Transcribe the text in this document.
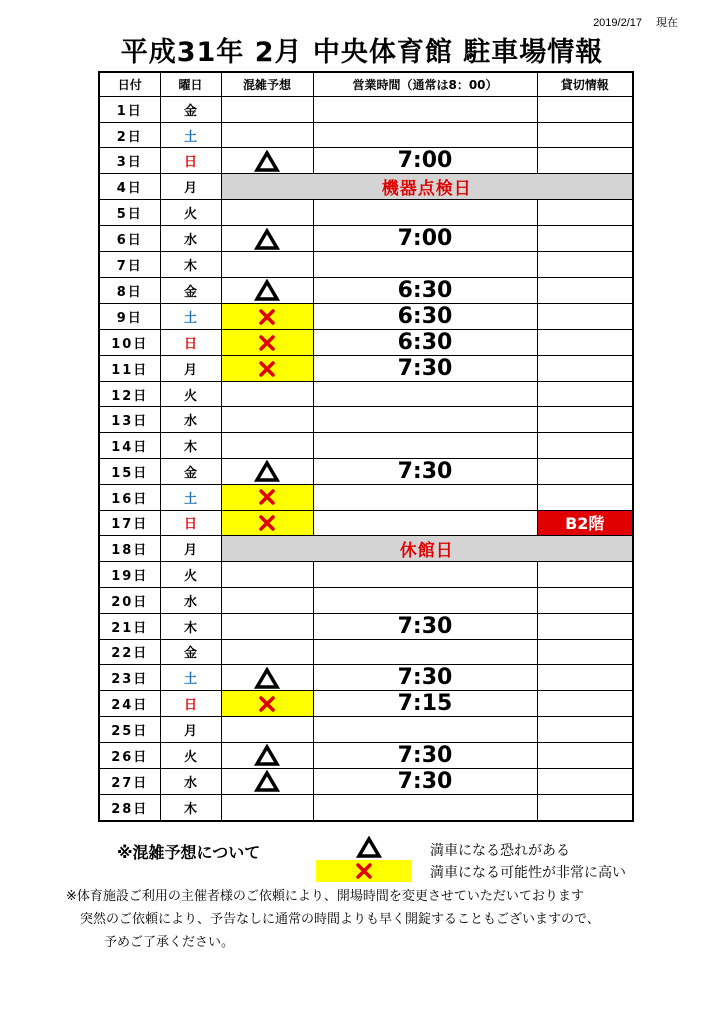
2019/2/17 現在
平成31年 2月 中央体育館 駐車場情報
日付	曜日	混雑予想	営業時間（通常は8：00）	貸切情報
1日	金			
2日	土			
3日	日		7:00	
4日	月	機器点検日		
5日	火			
6日	水		7:00	
7日	木			
8日	金		6:30	
9日	土		6:30	
10日	日		6:30	
11日	月		7:30	
12日	火			
13日	水			
14日	木			
15日	金		7:30	
16日	土			
17日	日			B2階
18日	月	休館日		
19日	火			
20日	水			
21日	木		7:30	
22日	金			
23日	土		7:30	
24日	日		7:15	
25日	月			
26日	火		7:30	
27日	水		7:30	
28日	木			
※混雑予想について	満車になる恐れがある
満車になる可能性が非常に高い
※体育施設ご利用の主催者様のご依頼により、開場時間を変更させていただいております
突然のご依頼により、予告なしに通常の時間よりも早く開錠することもございますので、
予めご了承ください。
